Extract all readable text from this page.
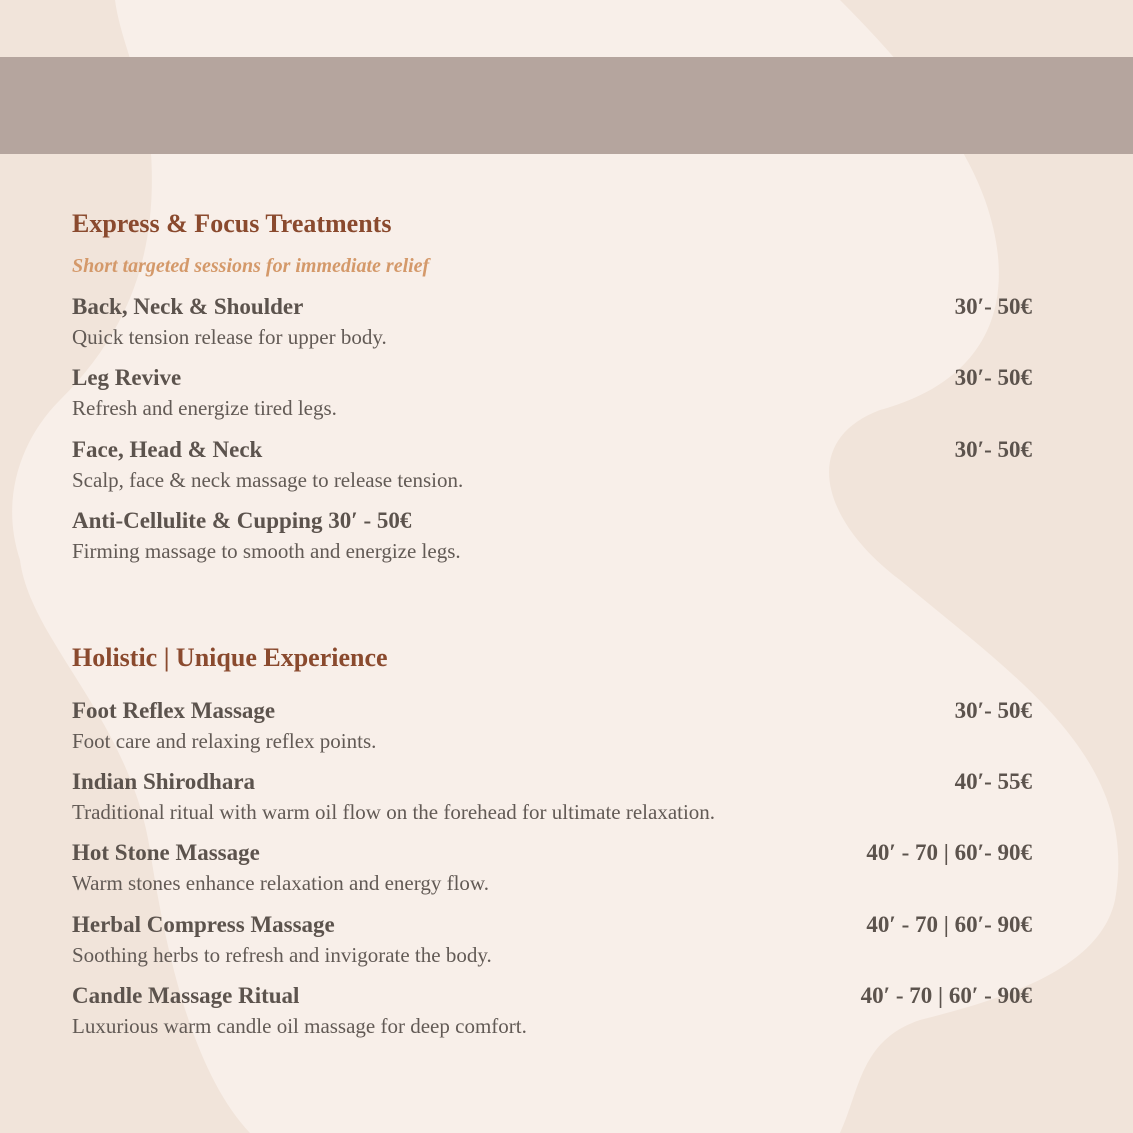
Express & Focus Treatments
Short targeted sessions for immediate relief
Back, Neck & Shoulder	30′- 50€
Quick tension release for upper body.
Leg Revive	30′- 50€
Refresh and energize tired legs.
Face, Head & Neck	30′- 50€
Scalp, face & neck massage to release tension.
Anti-Cellulite & Cupping 30′ - 50€
Firming massage to smooth and energize legs.
Holistic | Unique Experience
Foot Reflex Massage	30′- 50€
Foot care and relaxing reflex points.
Indian Shirodhara	40′- 55€
Traditional ritual with warm oil flow on the forehead for ultimate relaxation.
Hot Stone Massage	40′ - 70 | 60′- 90€
Warm stones enhance relaxation and energy flow.
Herbal Compress Massage	40′ - 70 | 60′- 90€
Soothing herbs to refresh and invigorate the body.
Candle Massage Ritual	40′ - 70 | 60′ - 90€
Luxurious warm candle oil massage for deep comfort.
